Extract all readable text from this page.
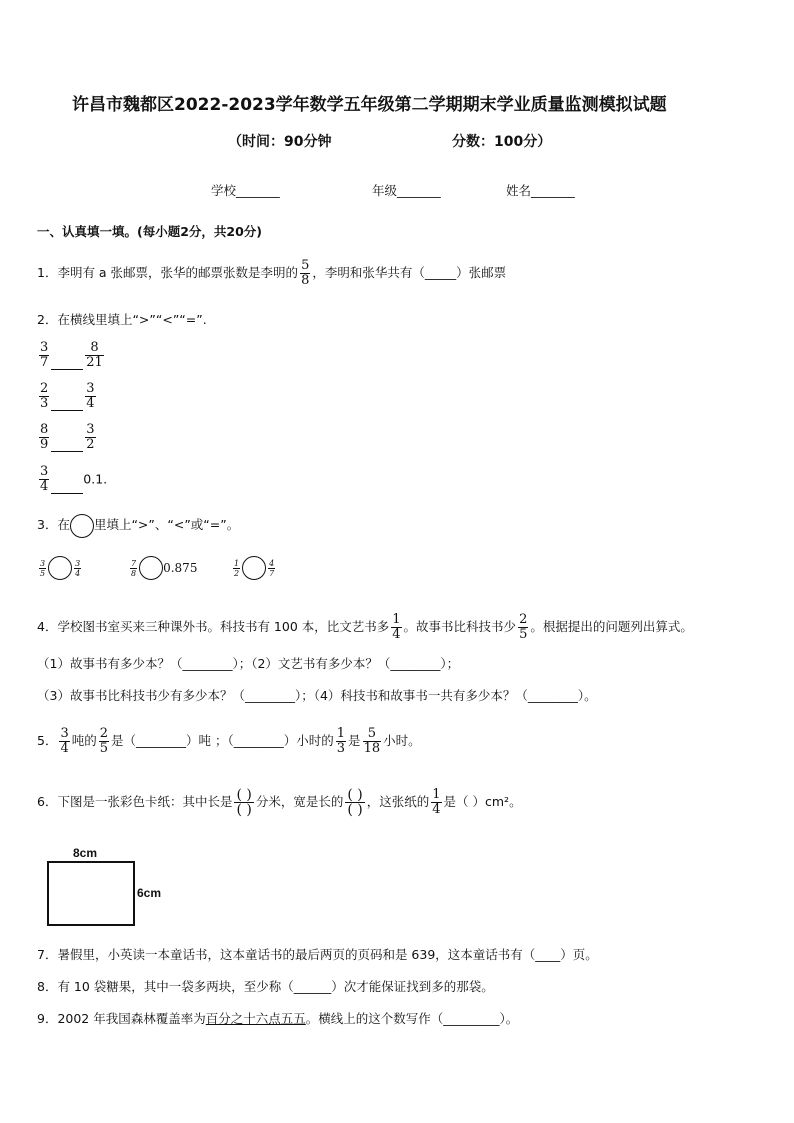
许昌市魏都区2022-2023学年数学五年级第二学期期末学业质量监测模拟试题
（时间：90分钟	分数：100分）
学校_______	年级_______	姓名_______
一、认真填一填。(每小题2分，共20分)
1．李明有 a 张邮票，张华的邮票张数是李明的 $\frac{5}{8}$ ，李明和张华共有（_____）张邮票
2．在横线里填上“>”“<”“=”.
$\frac{3}{7}$	$\frac{8}{21}$
$\frac{2}{3}$	$\frac{3}{4}$
$\frac{8}{9}$	$\frac{3}{2}$
$\frac{3}{4}$	0.1.
3．在 里填上“>”、“<”或“=”。
$\frac{3}{5}$	$\frac{3}{4}$	$\frac{7}{8} 0.875$	$\frac{1}{2}$	$\frac{4}{7}$
4．学校图书室买来三种课外书。科技书有 100 本，比文艺书多 $\frac{1}{4}$ 。故事书比科技书少 $\frac{2}{5}$ 。根据提出的问题列出算式。
（1）故事书有多少本？（________）；（2）文艺书有多少本？（________）；
（3）故事书比科技书少有多少本？（________）；（4）科技书和故事书一共有多少本？（________）。
5． $\frac{3}{4}$ 吨的 $\frac{2}{5}$ 是（________）吨 ；（________）小时的 $\frac{1}{3}$ 是 $\frac{5}{18}$ 小时。
6．下图是一张彩色卡纸：其中长是 $\frac{( )}{( )}$ 分米，宽是长的 $\frac{( )}{( )}$ ，这张纸的 $\frac{1}{4}$ 是（ ）cm²。
8cm
6cm
7．暑假里，小英读一本童话书，这本童话书的最后两页的页码和是 639，这本童话书有（____）页。
8．有 10 袋糖果，其中一袋多两块，至少称（______）次才能保证找到多的那袋。
9．2002 年我国森林覆盖率为百分之十六点五五。横线上的这个数写作（_________）。
